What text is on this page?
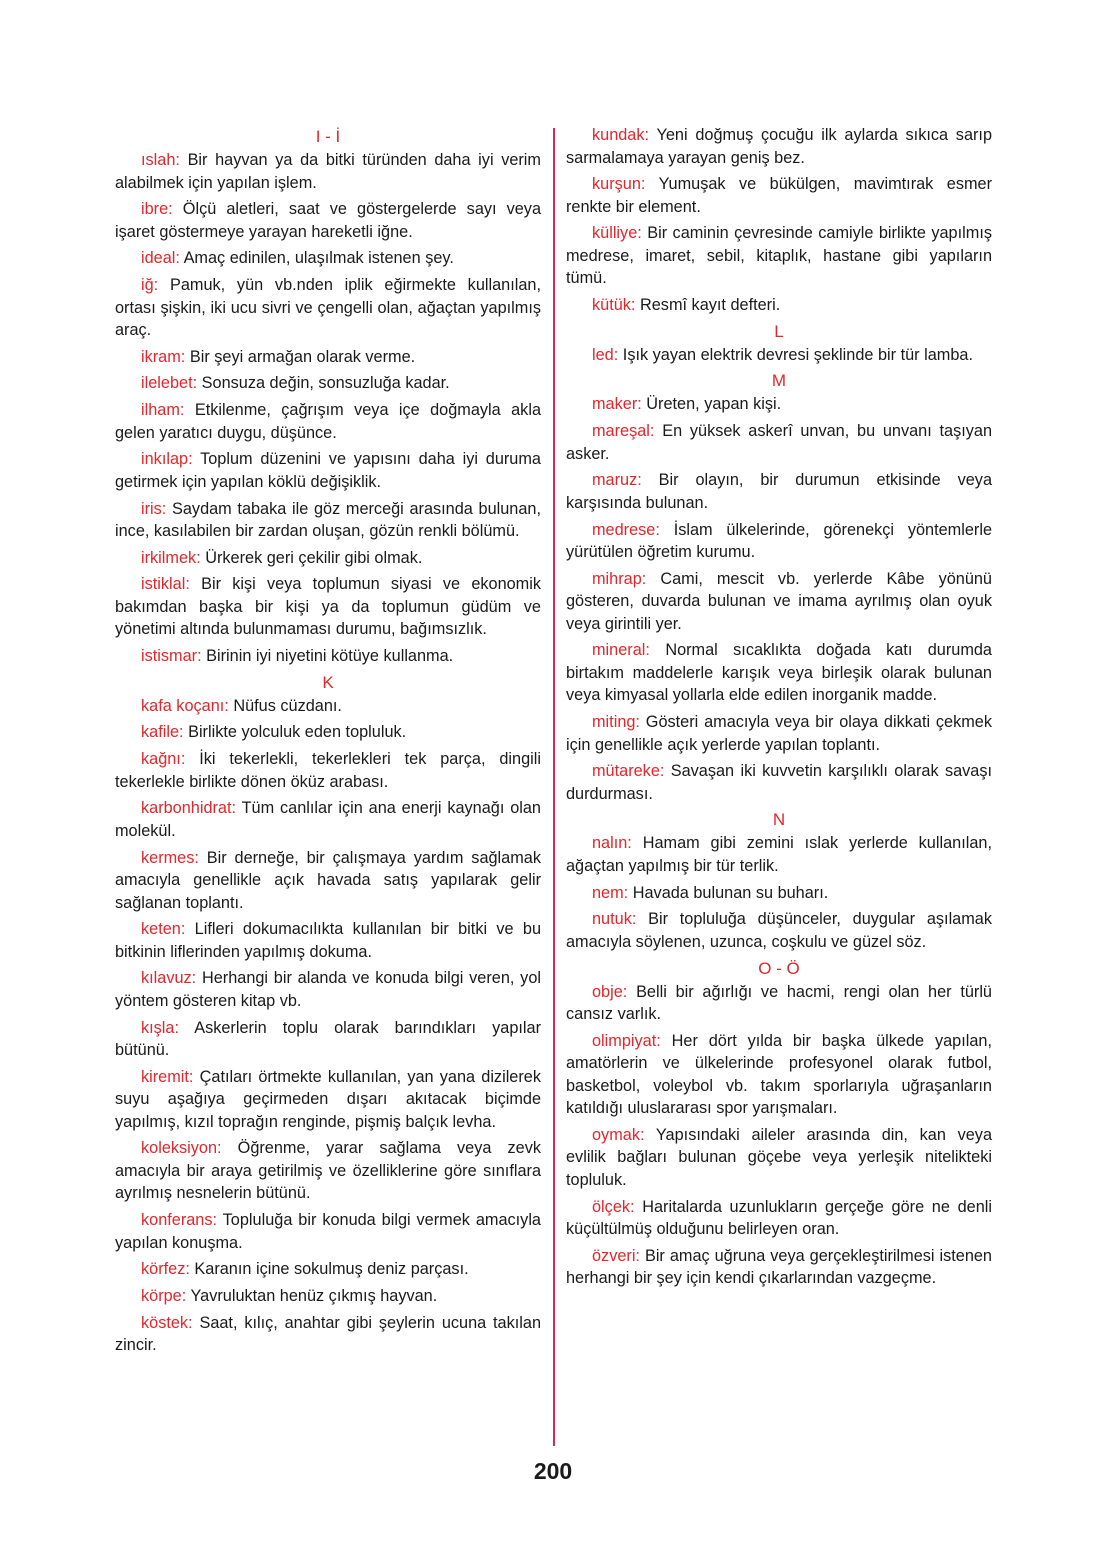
I - İ

ıslah: Bir hayvan ya da bitki türünden daha iyi verim alabilmek için yapılan işlem.

ibre: Ölçü aletleri, saat ve göstergelerde sayı veya işaret göstermeye yarayan hareketli iğne.

ideal: Amaç edinilen, ulaşılmak istenen şey.

iğ: Pamuk, yün vb.nden iplik eğirmekte kullanılan, ortası şişkin, iki ucu sivri ve çengelli olan, ağaçtan yapılmış araç.

ikram: Bir şeyi armağan olarak verme.

ilelebet: Sonsuza değin, sonsuzluğa kadar.

ilham: Etkilenme, çağrışım veya içe doğmayla akla gelen yaratıcı duygu, düşünce.

inkılap: Toplum düzenini ve yapısını daha iyi duruma getirmek için yapılan köklü değişiklik.

iris: Saydam tabaka ile göz merceği arasında bulunan, ince, kasılabilen bir zardan oluşan, gözün renkli bölümü.

irkilmek: Ürkerek geri çekilir gibi olmak.

istiklal: Bir kişi veya toplumun siyasi ve ekonomik bakımdan başka bir kişi ya da toplumun güdüm ve yönetimi altında bulunmaması durumu, bağımsızlık.

istismar: Birinin iyi niyetini kötüye kullanma.

K

kafa koçanı: Nüfus cüzdanı.

kafile: Birlikte yolculuk eden topluluk.

kağnı: İki tekerlekli, tekerlekleri tek parça, dingili tekerlekle birlikte dönen öküz arabası.

karbonhidrat: Tüm canlılar için ana enerji kaynağı olan molekül.

kermes: Bir derneğe, bir çalışmaya yardım sağlamak amacıyla genellikle açık havada satış yapılarak gelir sağlanan toplantı.

keten: Lifleri dokumacılıkta kullanılan bir bitki ve bu bitkinin liflerinden yapılmış dokuma.

kılavuz: Herhangi bir alanda ve konuda bilgi veren, yol yöntem gösteren kitap vb.

kışla: Askerlerin toplu olarak barındıkları yapılar bütünü.

kiremit: Çatıları örtmekte kullanılan, yan yana dizilerek suyu aşağıya geçirmeden dışarı akıtacak biçimde yapılmış, kızıl toprağın renginde, pişmiş balçık levha.

koleksiyon: Öğrenme, yarar sağlama veya zevk amacıyla bir araya getirilmiş ve özelliklerine göre sınıflara ayrılmış nesnelerin bütünü.

konferans: Topluluğa bir konuda bilgi vermek amacıyla yapılan konuşma.

körfez: Karanın içine sokulmuş deniz parçası.

körpe: Yavruluktan henüz çıkmış hayvan.

köstek: Saat, kılıç, anahtar gibi şeylerin ucuna takılan zincir.

kundak: Yeni doğmuş çocuğu ilk aylarda sıkıca sarıp sarmalamaya yarayan geniş bez.

kurşun: Yumuşak ve bükülgen, mavimtırak esmer renkte bir element.

külliye: Bir caminin çevresinde camiyle birlikte yapılmış medrese, imaret, sebil, kitaplık, hastane gibi yapıların tümü.

kütük: Resmî kayıt defteri.

L

led: Işık yayan elektrik devresi şeklinde bir tür lamba.

M

maker: Üreten, yapan kişi.

mareşal: En yüksek askerî unvan, bu unvanı taşıyan asker.

maruz: Bir olayın, bir durumun etkisinde veya karşısında bulunan.

medrese: İslam ülkelerinde, görenekçi yöntemlerle yürütülen öğretim kurumu.

mihrap: Cami, mescit vb. yerlerde Kâbe yönünü gösteren, duvarda bulunan ve imama ayrılmış olan oyuk veya girintili yer.

mineral: Normal sıcaklıkta doğada katı durumda birtakım maddelerle karışık veya birleşik olarak bulunan veya kimyasal yollarla elde edilen inorganik madde.

miting: Gösteri amacıyla veya bir olaya dikkati çekmek için genellikle açık yerlerde yapılan toplantı.

mütareke: Savaşan iki kuvvetin karşılıklı olarak savaşı durdurması.

N

nalın: Hamam gibi zemini ıslak yerlerde kullanılan, ağaçtan yapılmış bir tür terlik.

nem: Havada bulunan su buharı.

nutuk: Bir topluluğa düşünceler, duygular aşılamak amacıyla söylenen, uzunca, coşkulu ve güzel söz.

O - Ö

obje: Belli bir ağırlığı ve hacmi, rengi olan her türlü cansız varlık.

olimpiyat: Her dört yılda bir başka ülkede yapılan, amatörlerin ve ülkelerinde profesyonel olarak futbol, basketbol, voleybol vb. takım sporlarıyla uğraşanların katıldığı uluslararası spor yarışmaları.

oymak: Yapısındaki aileler arasında din, kan veya evlilik bağları bulunan göçebe veya yerleşik nitelikteki topluluk.

ölçek: Haritalarda uzunlukların gerçeğe göre ne denli küçültülmüş olduğunu belirleyen oran.

özveri: Bir amaç uğruna veya gerçekleştirilmesi istenen herhangi bir şey için kendi çıkarlarından vazgeçme.

200
